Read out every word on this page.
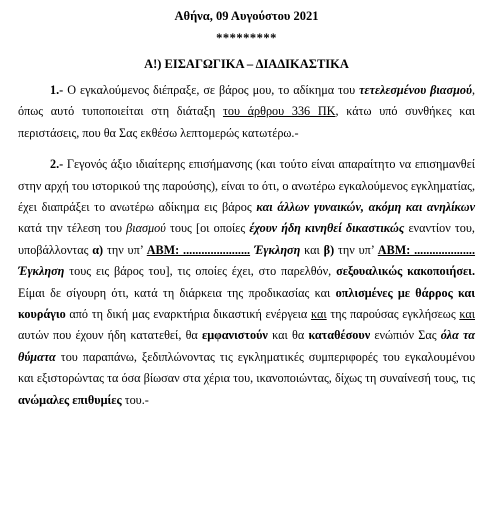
Αθήνα, 09 Αυγούστου 2021
*********
Α!) ΕΙΣΑΓΩΓΙΚΑ – ΔΙΑΔΙΚΑΣΤΙΚΑ

1.- Ο εγκαλούμενος διέπραξε, σε βάρος μου, το αδίκημα του τετελεσμένου βιασμού, όπως αυτό τυποποιείται στη διάταξη του άρθρου 336 ΠΚ, κάτω υπό συνθήκες και περιστάσεις, που θα Σας εκθέσω λεπτομερώς κατωτέρω.-

2.- Γεγονός άξιο ιδιαίτερης επισήμανσης (και τούτο είναι απαραίτητο να επισημανθεί στην αρχή του ιστορικού της παρούσης), είναι το ότι, ο ανωτέρω εγκαλούμενος εγκληματίας, έχει διαπράξει το ανωτέρω αδίκημα εις βάρος και άλλων γυναικών, ακόμη και ανηλίκων κατά την τέλεση του βιασμού τους [οι οποίες έχουν ήδη κινηθεί δικαστικώς εναντίον του, υποβάλλοντας α) την υπ’ ΑΒΜ: ...................... Έγκληση και β) την υπ’ ΑΒΜ: .................... Έγκληση τους εις βάρος του], τις οποίες έχει, στο παρελθόν, σεξουαλικώς κακοποιήσει. Είμαι δε σίγουρη ότι, κατά τη διάρκεια της προδικασίας και οπλισμένες με θάρρος και κουράγιο από τη δική μας εναρκτήρια δικαστική ενέργεια και της παρούσας εγκλήσεως και αυτών που έχουν ήδη κατατεθεί, θα εμφανιστούν και θα καταθέσουν ενώπιόν Σας όλα τα θύματα του παραπάνω, ξεδιπλώνοντας τις εγκληματικές συμπεριφορές του εγκαλουμένου και εξιστορώντας τα όσα βίωσαν στα χέρια του, ικανοποιώντας, δίχως τη συναίνεσή τους, τις ανώμαλες επιθυμίες του.-
